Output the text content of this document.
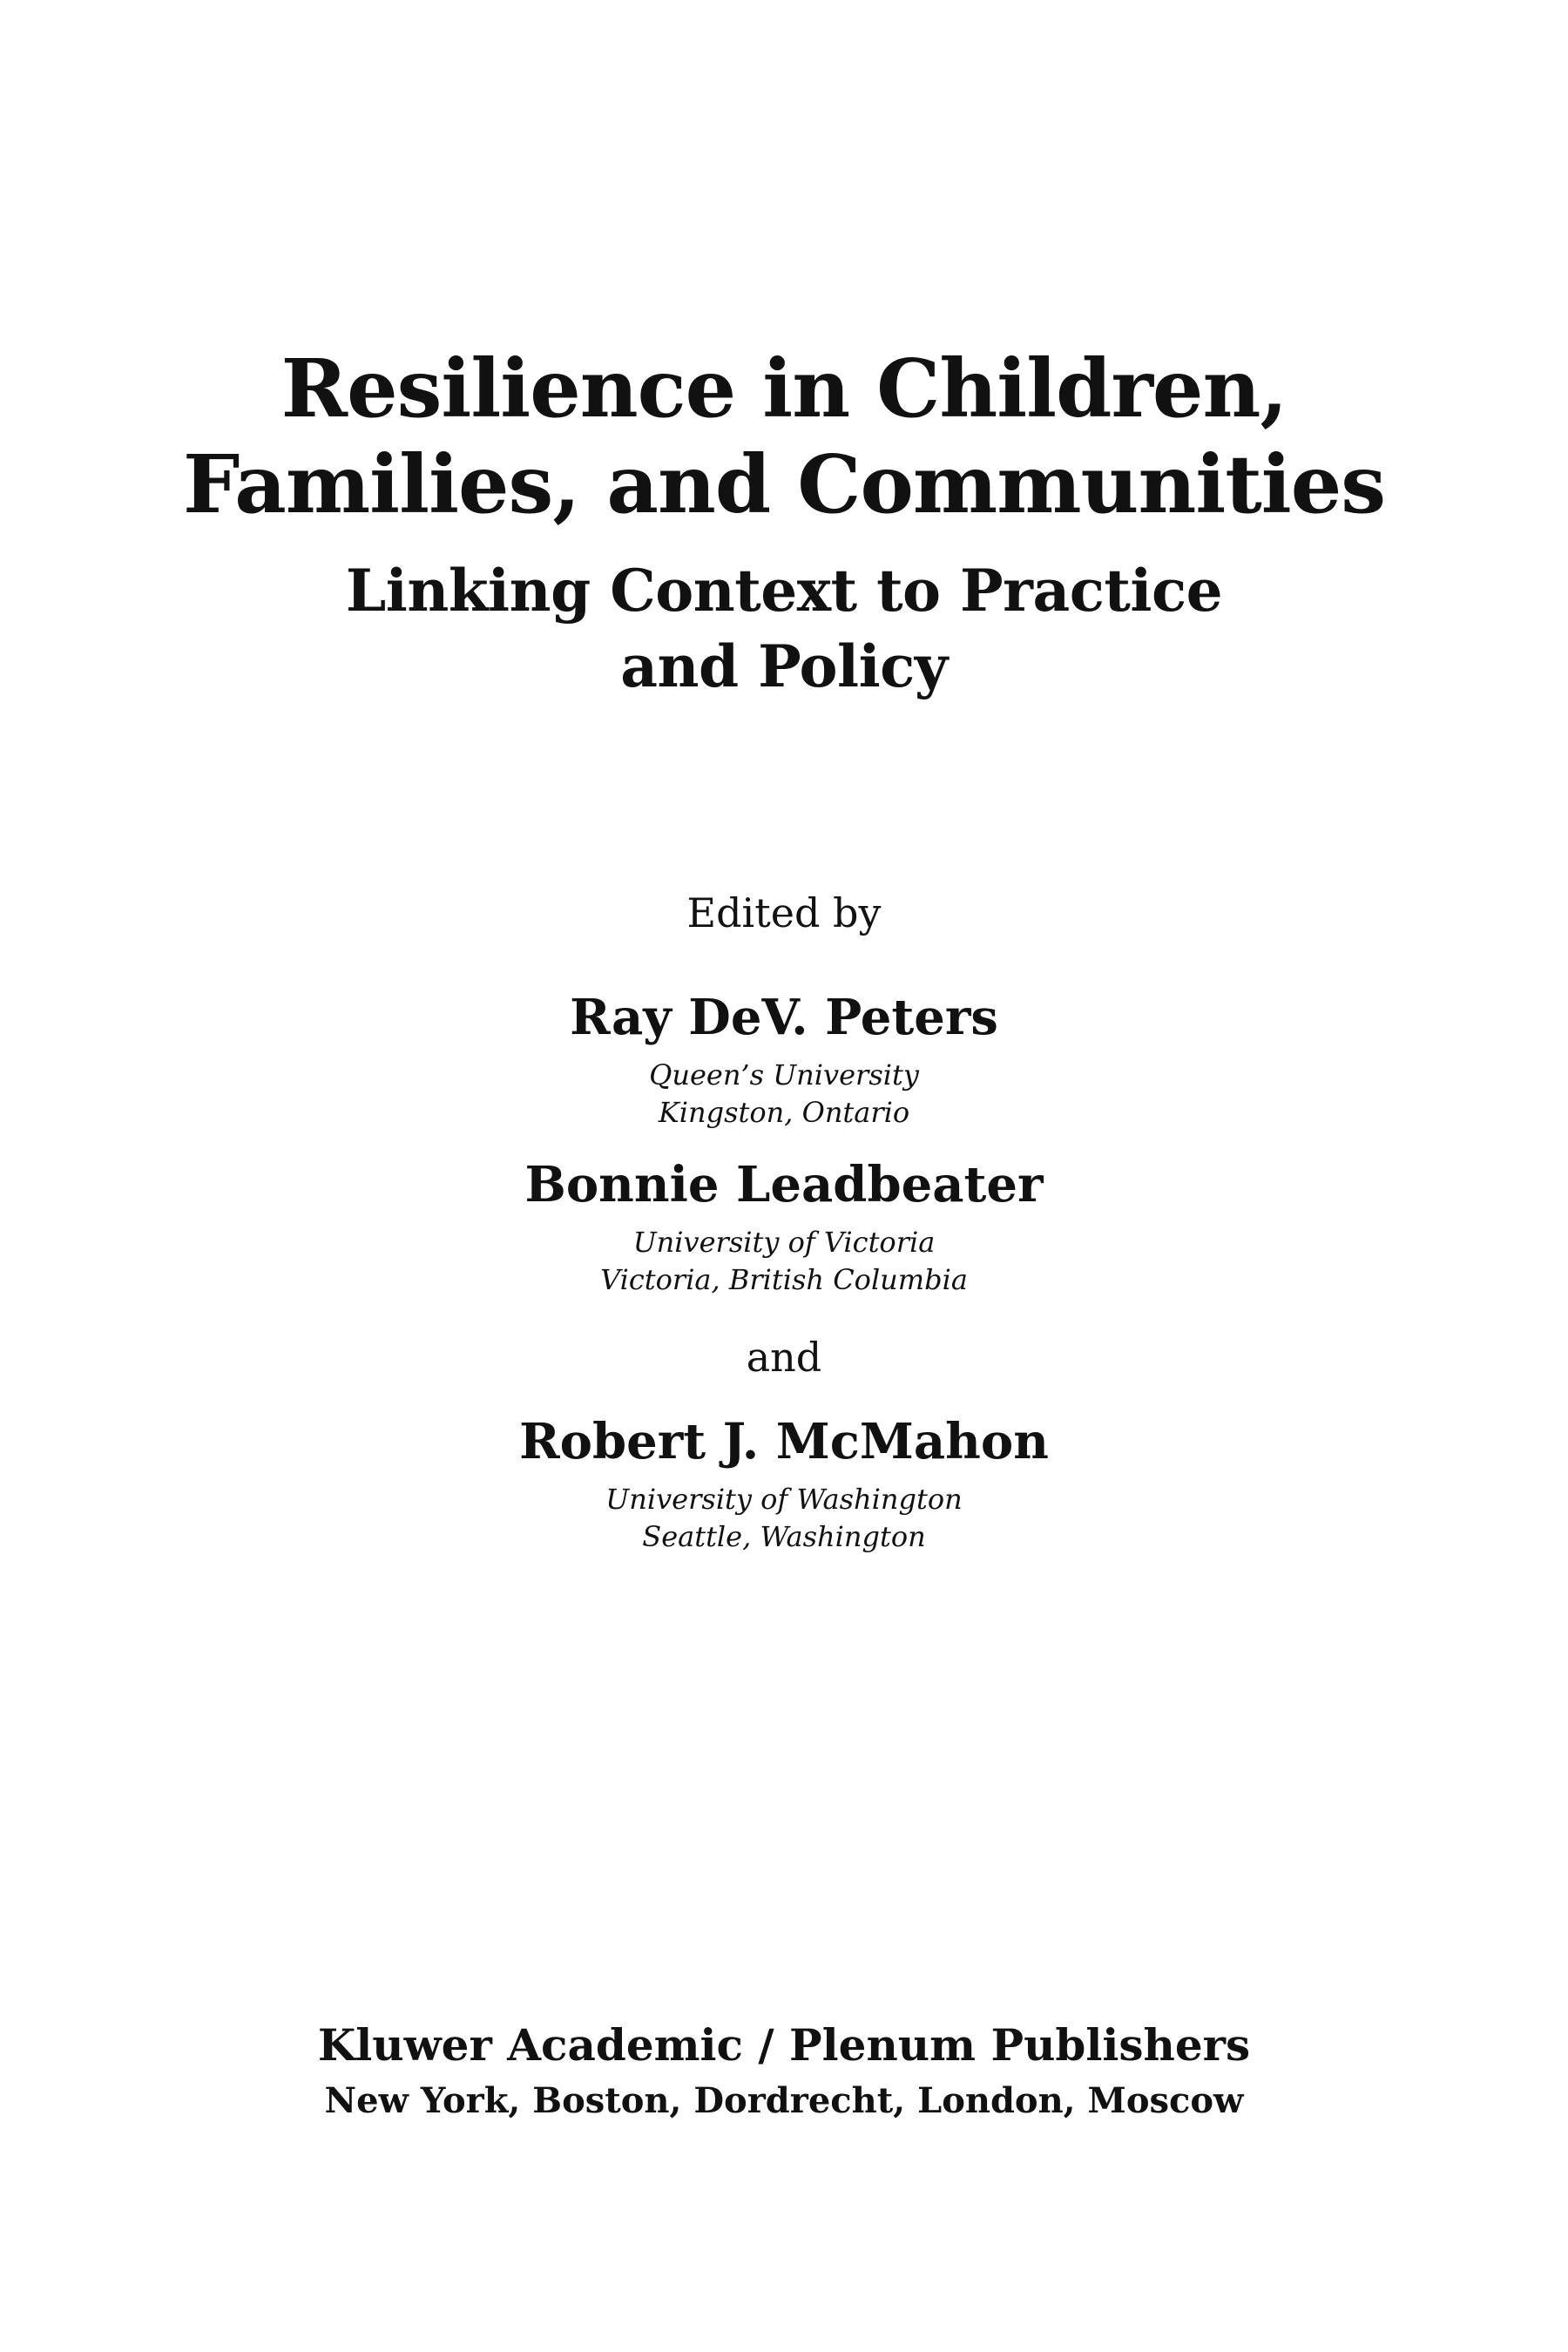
Resilience in Children,
Families, and Communities
Linking Context to Practice
and Policy
Edited by
Ray DeV. Peters
Queen’s University
Kingston, Ontario
Bonnie Leadbeater
University of Victoria
Victoria, British Columbia
and
Robert J. McMahon
University of Washington
Seattle, Washington
Kluwer Academic / Plenum Publishers
New York, Boston, Dordrecht, London, Moscow
